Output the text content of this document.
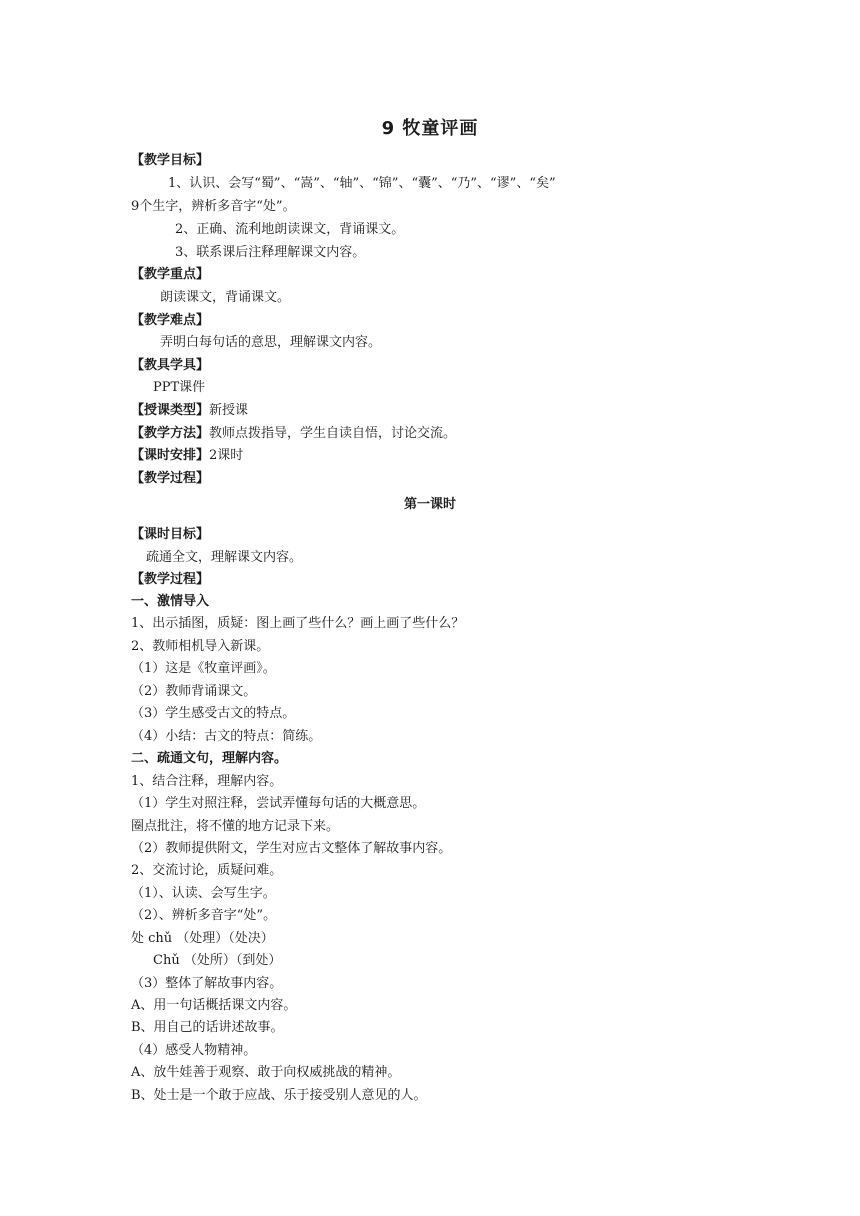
9 牧童评画
【教学目标】
1、认识、会写“蜀”、“嵩”、“轴”、“锦”、“囊”、“乃”、“谬”、“矣”
9个生字，辨析多音字“处”。
2、正确、流利地朗读课文，背诵课文。
3、联系课后注释理解课文内容。
【教学重点】
朗读课文，背诵课文。
【教学难点】
弄明白每句话的意思，理解课文内容。
【教具学具】
PPT课件
【授课类型】新授课
【教学方法】教师点拨指导，学生自读自悟，讨论交流。
【课时安排】2课时
【教学过程】
第一课时
【课时目标】
疏通全文，理解课文内容。
【教学过程】
一、激情导入
1、出示插图，质疑：图上画了些什么？画上画了些什么？
2、教师相机导入新课。
（1）这是《牧童评画》。
（2）教师背诵课文。
（3）学生感受古文的特点。
（4）小结：古文的特点：简练。
二、疏通文句，理解内容。
1、结合注释，理解内容。
（1）学生对照注释，尝试弄懂每句话的大概意思。
圈点批注，将不懂的地方记录下来。
（2）教师提供附文，学生对应古文整体了解故事内容。
2、交流讨论，质疑问难。
（1）、认读、会写生字。
（2）、辨析多音字“处”。
处 chǔ （处理）（处决）
Chǔ （处所）（到处）
（3）整体了解故事内容。
A、用一句话概括课文内容。
B、用自己的话讲述故事。
（4）感受人物精神。
A、放牛娃善于观察、敢于向权威挑战的精神。
B、处士是一个敢于应战、乐于接受别人意见的人。
